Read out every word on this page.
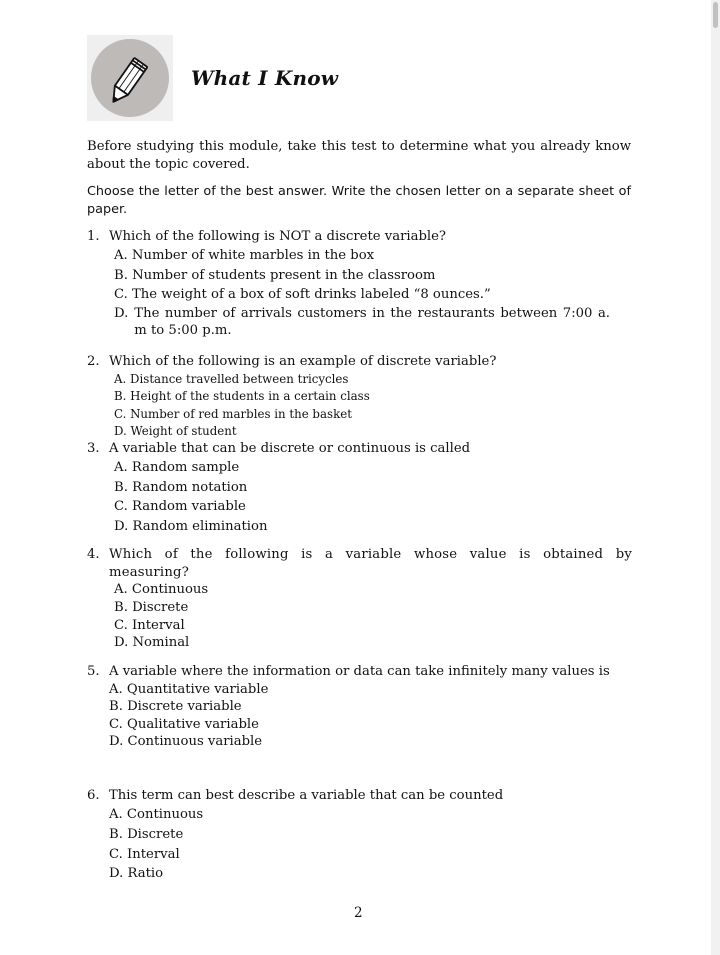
What I Know
Before studying this module, take this test to determine what you already know about the topic covered.
Choose the letter of the best answer. Write the chosen letter on a separate sheet of paper.
1. Which of the following is NOT a discrete variable?
A. Number of white marbles in the box
B. Number of students present in the classroom
C. The weight of a box of soft drinks labeled “8 ounces.”
D. The number of arrivals customers in the restaurants between 7:00 a. m to 5:00 p.m.
2. Which of the following is an example of discrete variable?
A. Distance travelled between tricycles
B. Height of the students in a certain class
C. Number of red marbles in the basket
D. Weight of student
3. A variable that can be discrete or continuous is called
A. Random sample
B. Random notation
C. Random variable
D. Random elimination
4. Which of the following is a variable whose value is obtained by measuring?
A. Continuous
B. Discrete
C. Interval
D. Nominal
5. A variable where the information or data can take infinitely many values is
A. Quantitative variable
B. Discrete variable
C. Qualitative variable
D. Continuous variable
6. This term can best describe a variable that can be counted
A. Continuous
B. Discrete
C. Interval
D. Ratio
2
